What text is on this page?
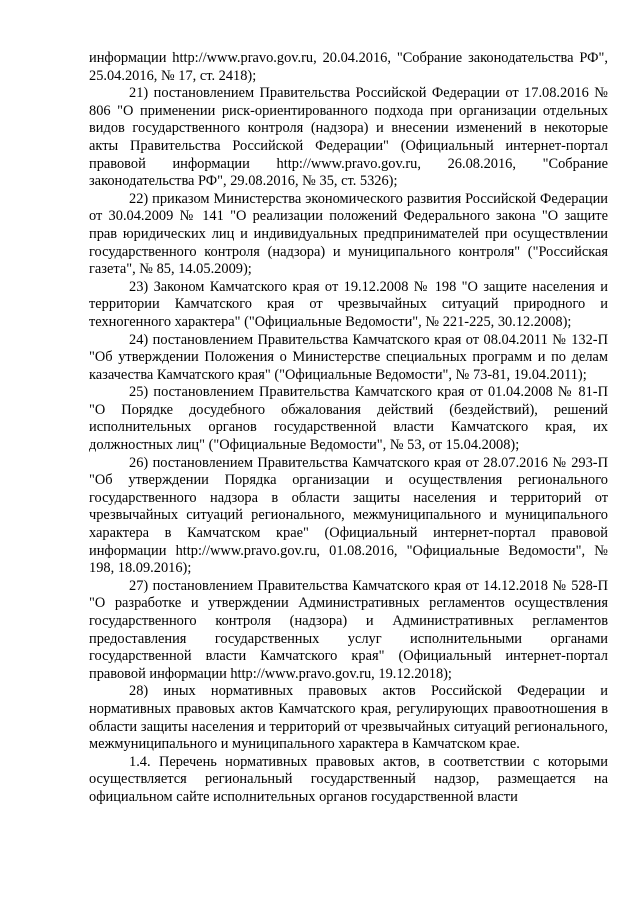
информации http://www.pravo.gov.ru, 20.04.2016, "Собрание законодательства РФ", 25.04.2016, № 17, ст. 2418);

21) постановлением Правительства Российской Федерации от 17.08.2016 № 806 "О применении риск-ориентированного подхода при организации отдельных видов государственного контроля (надзора) и внесении изменений в некоторые акты Правительства Российской Федерации" (Официальный интернет-портал правовой информации http://www.pravo.gov.ru, 26.08.2016, "Собрание законодательства РФ", 29.08.2016, № 35, ст. 5326);

22) приказом Министерства экономического развития Российской Федерации от 30.04.2009 № 141 "О реализации положений Федерального закона "О защите прав юридических лиц и индивидуальных предпринимателей при осуществлении государственного контроля (надзора) и муниципального контроля" ("Российская газета", № 85, 14.05.2009);

23) Законом Камчатского края от 19.12.2008 № 198 "О защите населения и территории Камчатского края от чрезвычайных ситуаций природного и техногенного характера" ("Официальные Ведомости", № 221-225, 30.12.2008);

24) постановлением Правительства Камчатского края от 08.04.2011 № 132-П "Об утверждении Положения о Министерстве специальных программ и по делам казачества Камчатского края" ("Официальные Ведомости", № 73-81, 19.04.2011);

25) постановлением Правительства Камчатского края от 01.04.2008 № 81-П "О Порядке досудебного обжалования действий (бездействий), решений исполнительных органов государственной власти Камчатского края, их должностных лиц" ("Официальные Ведомости", № 53, от 15.04.2008);

26) постановлением Правительства Камчатского края от 28.07.2016 № 293-П "Об утверждении Порядка организации и осуществления регионального государственного надзора в области защиты населения и территорий от чрезвычайных ситуаций регионального, межмуниципального и муниципального характера в Камчатском крае" (Официальный интернет-портал правовой информации http://www.pravo.gov.ru, 01.08.2016, "Официальные Ведомости", № 198, 18.09.2016);

27) постановлением Правительства Камчатского края от 14.12.2018 № 528-П "О разработке и утверждении Административных регламентов осуществления государственного контроля (надзора) и Административных регламентов предоставления государственных услуг исполнительными органами государственной власти Камчатского края" (Официальный интернет-портал правовой информации http://www.pravo.gov.ru, 19.12.2018);

28) иных нормативных правовых актов Российской Федерации и нормативных правовых актов Камчатского края, регулирующих правоотношения в области защиты населения и территорий от чрезвычайных ситуаций регионального, межмуниципального и муниципального характера в Камчатском крае.

1.4. Перечень нормативных правовых актов, в соответствии с которыми осуществляется региональный государственный надзор, размещается на официальном сайте исполнительных органов государственной власти
